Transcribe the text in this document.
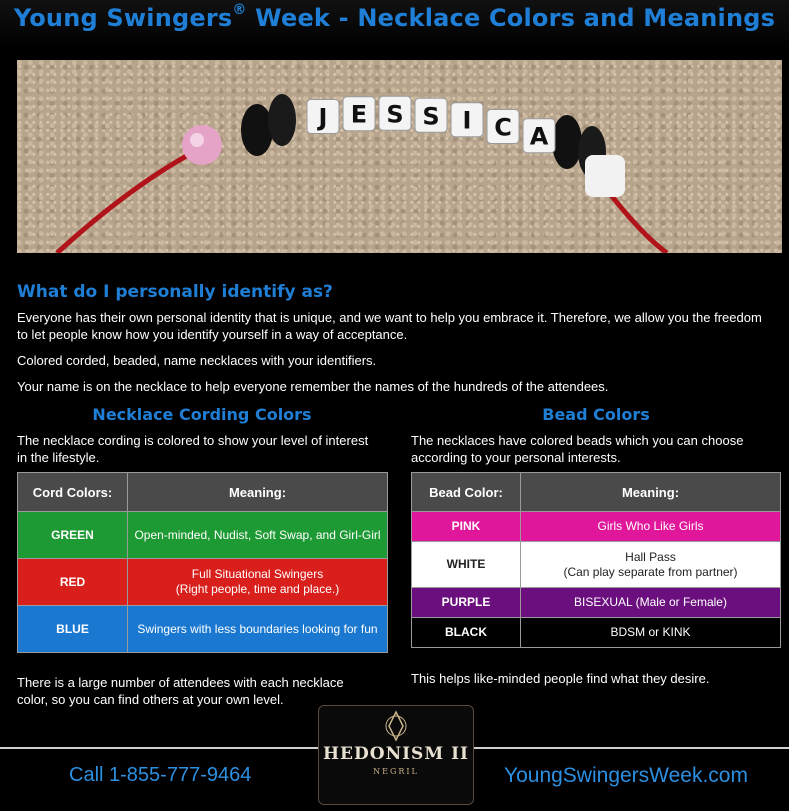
Young Swingers® Week - Necklace Colors and Meanings
J E S S I C A
What do I personally identify as?
Everyone has their own personal identity that is unique, and we want to help you embrace it. Therefore, we allow you the freedom to let people know how you identify yourself in a way of acceptance.
Colored corded, beaded, name necklaces with your identifiers.
Your name is on the necklace to help everyone remember the names of the hundreds of the attendees.
Necklace Cording Colors
The necklace cording is colored to show your level of interest in the lifestyle.
Cord Colors:	Meaning:
GREEN	Open-minded, Nudist, Soft Swap, and Girl-Girl
RED	Full Situational Swingers
(Right people, time and place.)
BLUE	Swingers with less boundaries looking for fun
There is a large number of attendees with each necklace color, so you can find others at your own level.
Bead Colors
The necklaces have colored beads which you can choose according to your personal interests.
Bead Color:	Meaning:
PINK	Girls Who Like Girls
WHITE	Hall Pass
(Can play separate from partner)
PURPLE	BISEXUAL (Male or Female)
BLACK	BDSM or KINK
This helps like-minded people find what they desire.
Call 1-855-777-9464	YoungSwingersWeek.com
HEDONISM II
NEGRIL
